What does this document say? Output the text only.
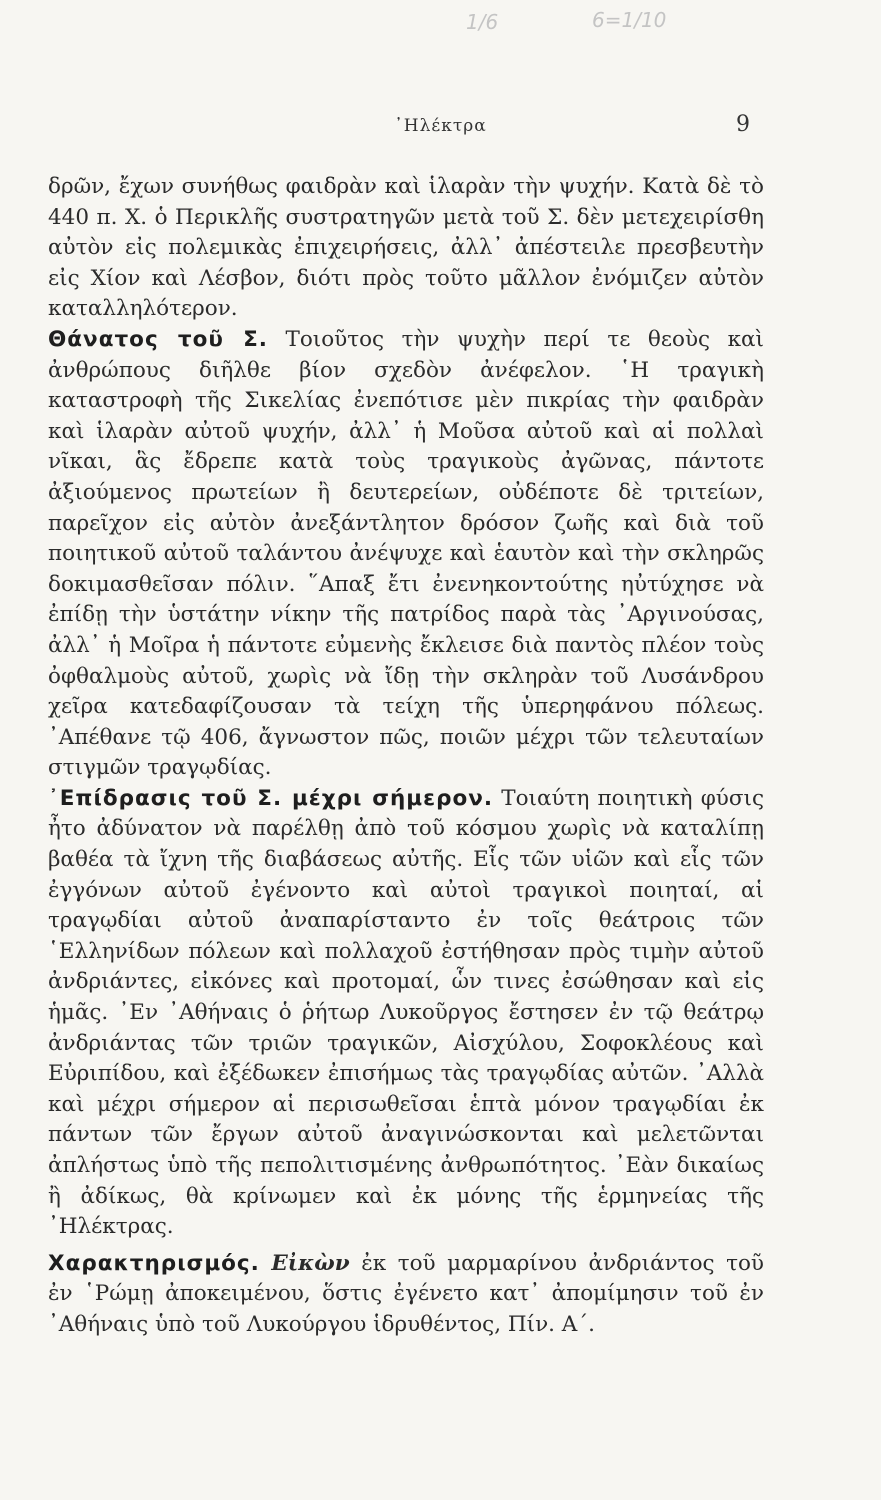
1/6	6=1/10
᾿Ηλέκτρα	9

δρῶν, ἔχων συνήθως φαιδρὰν καὶ ἱλαρὰν τὴν ψυχήν. Κατὰ δὲ τὸ 440 π. Χ. ὁ Περικλῆς συστρατηγῶν μετὰ τοῦ Σ. δὲν μετεχειρίσθη αὐτὸν εἰς πολεμικὰς ἐπιχειρήσεις, ἀλλ᾿ ἀπέστειλε πρεσβευτὴν εἰς Χίον καὶ Λέσβον, διότι πρὸς τοῦτο μᾶλλον ἐνόμιζεν αὐτὸν καταλληλότερον.

Θάνατος τοῦ Σ. Τοιοῦτος τὴν ψυχὴν περί τε θεοὺς καὶ ἀνθρώπους διῆλθε βίον σχεδὸν ἀνέφελον. ῾Η τραγικὴ καταστροφὴ τῆς Σικελίας ἐνεπότισε μὲν πικρίας τὴν φαιδρὰν καὶ ἱλαρὰν αὐτοῦ ψυχήν, ἀλλ᾿ ἡ Μοῦσα αὐτοῦ καὶ αἱ πολλαὶ νῖκαι, ἃς ἔδρεπε κατὰ τοὺς τραγικοὺς ἀγῶνας, πάντοτε ἀξιούμενος πρωτείων ἢ δευτερείων, οὐδέποτε δὲ τριτείων, παρεῖχον εἰς αὐτὸν ἀνεξάντλητον δρόσον ζωῆς καὶ διὰ τοῦ ποιητικοῦ αὐτοῦ ταλάντου ἀνέψυχε καὶ ἑαυτὸν καὶ τὴν σκληρῶς δοκιμασθεῖσαν πόλιν. ῞Απαξ ἔτι ἐνενηκοντούτης ηὐτύχησε νὰ ἐπίδῃ τὴν ὑστάτην νίκην τῆς πατρίδος παρὰ τὰς ᾿Αργινούσας, ἀλλ᾿ ἡ Μοῖρα ἡ πάντοτε εὐμενὴς ἔκλεισε διὰ παντὸς πλέον τοὺς ὀφθαλμοὺς αὐτοῦ, χωρὶς νὰ ἴδῃ τὴν σκληρὰν τοῦ Λυσάνδρου χεῖρα κατεδαφίζουσαν τὰ τείχη τῆς ὑπερηφάνου πόλεως. ᾿Απέθανε τῷ 406, ἄγνωστον πῶς, ποιῶν μέχρι τῶν τελευταίων στιγμῶν τραγῳδίας.

᾿Επίδρασις τοῦ Σ. μέχρι σήμερον. Τοιαύτη ποιητικὴ φύσις ἦτο ἀδύνατον νὰ παρέλθῃ ἀπὸ τοῦ κόσμου χωρὶς νὰ καταλίπῃ βαθέα τὰ ἴχνη τῆς διαβάσεως αὐτῆς. Εἷς τῶν υἱῶν καὶ εἷς τῶν ἐγγόνων αὐτοῦ ἐγένοντο καὶ αὐτοὶ τραγικοὶ ποιηταί, αἱ τραγῳδίαι αὐτοῦ ἀναπαρίσταντο ἐν τοῖς θεάτροις τῶν ῾Ελληνίδων πόλεων καὶ πολλαχοῦ ἐστήθησαν πρὸς τιμὴν αὐτοῦ ἀνδριάντες, εἰκόνες καὶ προτομαί, ὧν τινες ἐσώθησαν καὶ εἰς ἡμᾶς. ᾿Εν ᾿Αθήναις ὁ ῥήτωρ Λυκοῦργος ἔστησεν ἐν τῷ θεάτρῳ ἀνδριάντας τῶν τριῶν τραγικῶν, Αἰσχύλου, Σοφοκλέους καὶ Εὐριπίδου, καὶ ἐξέδωκεν ἐπισήμως τὰς τραγῳδίας αὐτῶν. ᾿Αλλὰ καὶ μέχρι σήμερον αἱ περισωθεῖσαι ἑπτὰ μόνον τραγῳδίαι ἐκ πάντων τῶν ἔργων αὐτοῦ ἀναγινώσκονται καὶ μελετῶνται ἀπλήστως ὑπὸ τῆς πεπολιτισμένης ἀνθρωπότητος. ᾿Εὰν δικαίως ἢ ἀδίκως, θὰ κρίνωμεν καὶ ἐκ μόνης τῆς ἑρμηνείας τῆς ᾿Ηλέκτρας.

Χαρακτηρισμός. Εἰκὼν ἐκ τοῦ μαρμαρίνου ἀνδριάντος τοῦ ἐν ῾Ρώμῃ ἀποκειμένου, ὅστις ἐγένετο κατ᾿ ἀπομίμησιν τοῦ ἐν ᾿Αθήναις ὑπὸ τοῦ Λυκούργου ἱδρυθέντος, Πίν. Α΄.
